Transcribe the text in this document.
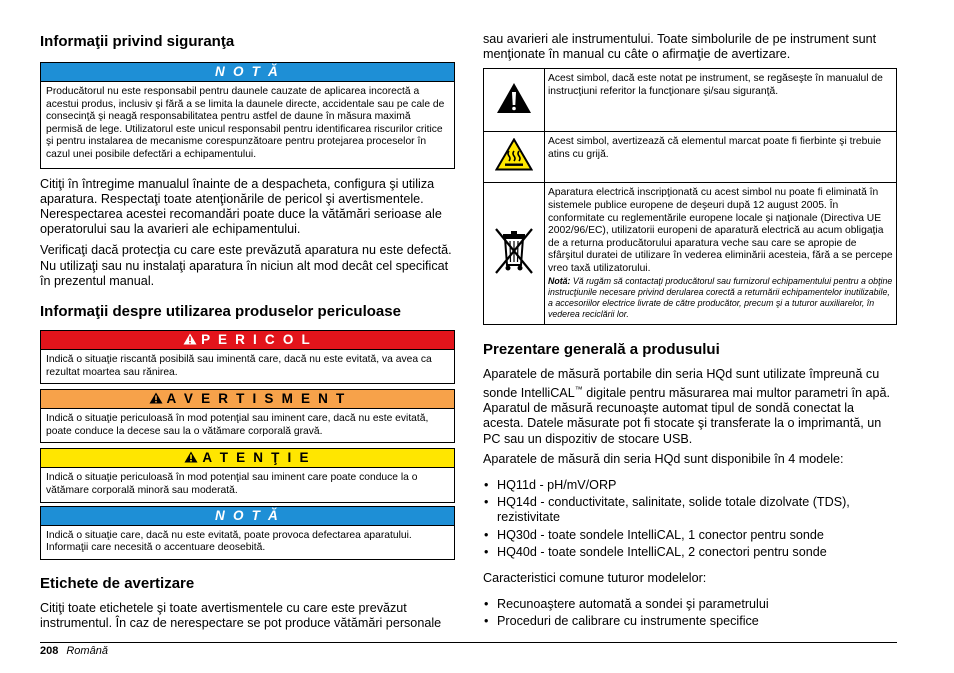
Informaţii privind siguranţa
N O T Ă
Producătorul nu este responsabil pentru daunele cauzate de aplicarea incorectă a acestui produs, inclusiv şi fără a se limita la daunele directe, accidentale sau pe cale de consecinţă şi neagă responsabilitatea pentru astfel de daune în măsura maximă permisă de lege. Utilizatorul este unicul responsabil pentru identificarea riscurilor critice şi pentru instalarea de mecanisme corespunzătoare pentru protejarea proceselor în cazul unei posibile defectări a echipamentului.

Citiţi în întregime manualul înainte de a despacheta, configura şi utiliza aparatura. Respectaţi toate atenţionările de pericol şi avertismentele. Nerespectarea acestei recomandări poate duce la vătămări serioase ale operatorului sau la avarieri ale echipamentului.

Verificaţi dacă protecţia cu care este prevăzută aparatura nu este defectă. Nu utilizaţi sau nu instalaţi aparatura în niciun alt mod decât cel specificat în prezentul manual.

Informaţii despre utilizarea produselor periculoase
P E R I C O L
Indică o situaţie riscantă posibilă sau iminentă care, dacă nu este evitată, va avea ca rezultat moartea sau rănirea.
A V E R T I S M E N T
Indică o situaţie periculoasă în mod potenţial sau iminent care, dacă nu este evitată, poate conduce la decese sau la o vătămare corporală gravă.
A T E N Ţ I E
Indică o situaţie periculoasă în mod potenţial sau iminent care poate conduce la o vătămare corporală minoră sau moderată.
N O T Ă
Indică o situaţie care, dacă nu este evitată, poate provoca defectarea aparatului. Informaţii care necesită o accentuare deosebită.
Etichete de avertizare

Citiţi toate etichetele şi toate avertismentele cu care este prevăzut instrumentul. În caz de nerespectare se pot produce vătămări personale

sau avarieri ale instrumentului. Toate simbolurile de pe instrument sunt menţionate în manual cu câte o afirmaţie de avertizare.

	Acest simbol, dacă este notat pe instrument, se regăseşte în manualul de instrucţiuni referitor la funcţionare şi/sau siguranţă.
	Acest simbol, avertizează că elementul marcat poate fi fierbinte şi trebuie atins cu grijă.
	Aparatura electrică inscripţionată cu acest simbol nu poate fi eliminată în sistemele publice europene de deşeuri după 12 august 2005. În conformitate cu reglementările europene locale şi naţionale (Directiva UE 2002/96/EC), utilizatorii europeni de aparatură electrică au acum obligaţia de a returna producătorului aparatura veche sau care se apropie de sfârşitul duratei de utilizare în vederea eliminării acesteia, fără a se percepe vreo taxă utilizatorului.
Notă: Vă rugăm să contactaţi producătorul sau furnizorul echipamentului pentru a obţine instrucţiunile necesare privind derularea corectă a returnării echipamentelor inutilizabile, a accesoriilor electrice livrate de către producător, precum şi a tuturor auxiliarelor, în vederea reciclării lor.
Prezentare generală a produsului

Aparatele de măsură portabile din seria HQd sunt utilizate împreună cu sonde IntelliCAL™ digitale pentru măsurarea mai multor parametri în apă. Aparatul de măsură recunoaşte automat tipul de sondă conectat la acesta. Datele măsurate pot fi stocate şi transferate la o imprimantă, un PC sau un dispozitiv de stocare USB.

Aparatele de măsură din seria HQd sunt disponibile în 4 modele:

• HQ11d - pH/mV/ORP
• HQ14d - conductivitate, salinitate, solide totale dizolvate (TDS), rezistivitate
• HQ30d - toate sondele IntelliCAL, 1 conector pentru sonde
• HQ40d - toate sondele IntelliCAL, 2 conectori pentru sonde

Caracteristici comune tuturor modelelor:

• Recunoaştere automată a sondei şi parametrului
• Proceduri de calibrare cu instrumente specifice
208 Română
